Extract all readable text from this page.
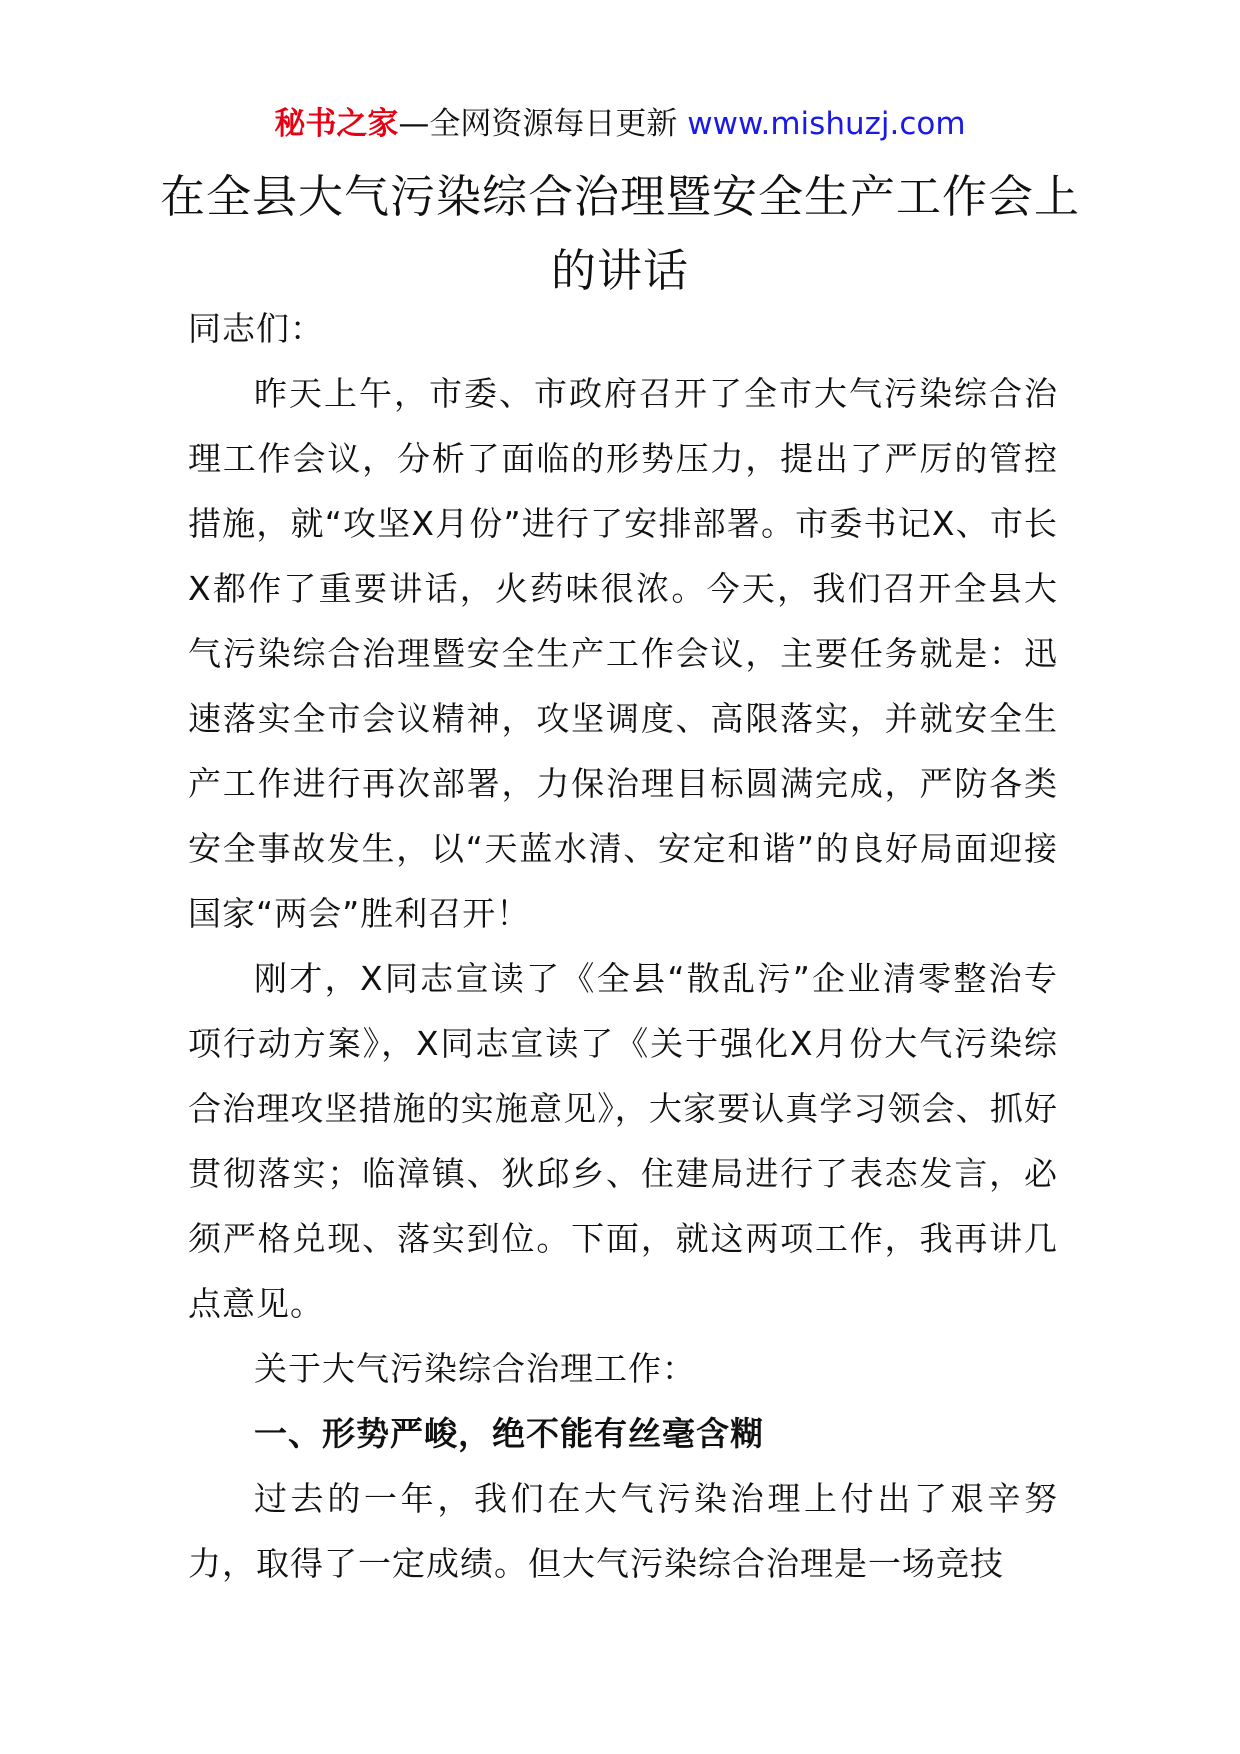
秘书之家—全网资源每日更新 www.mishuzj.com
在全县大气污染综合治理暨安全生产工作会上的讲话

同志们：

昨天上午，市委、市政府召开了全市大气污染综合治理工作会议，分析了面临的形势压力，提出了严厉的管控措施，就“攻坚X月份”进行了安排部署。市委书记X、市长X都作了重要讲话，火药味很浓。今天，我们召开全县大气污染综合治理暨安全生产工作会议，主要任务就是：迅速落实全市会议精神，攻坚调度、高限落实，并就安全生产工作进行再次部署，力保治理目标圆满完成，严防各类安全事故发生，以“天蓝水清、安定和谐”的良好局面迎接国家“两会”胜利召开！

刚才，X同志宣读了《全县“散乱污”企业清零整治专项行动方案》，X同志宣读了《关于强化X月份大气污染综合治理攻坚措施的实施意见》，大家要认真学习领会、抓好贯彻落实；临漳镇、狄邱乡、住建局进行了表态发言，必须严格兑现、落实到位。下面，就这两项工作，我再讲几点意见。

关于大气污染综合治理工作：

一、形势严峻，绝不能有丝毫含糊

过去的一年，我们在大气污染治理上付出了艰辛努力，取得了一定成绩。但大气污染综合治理是一场竞技
